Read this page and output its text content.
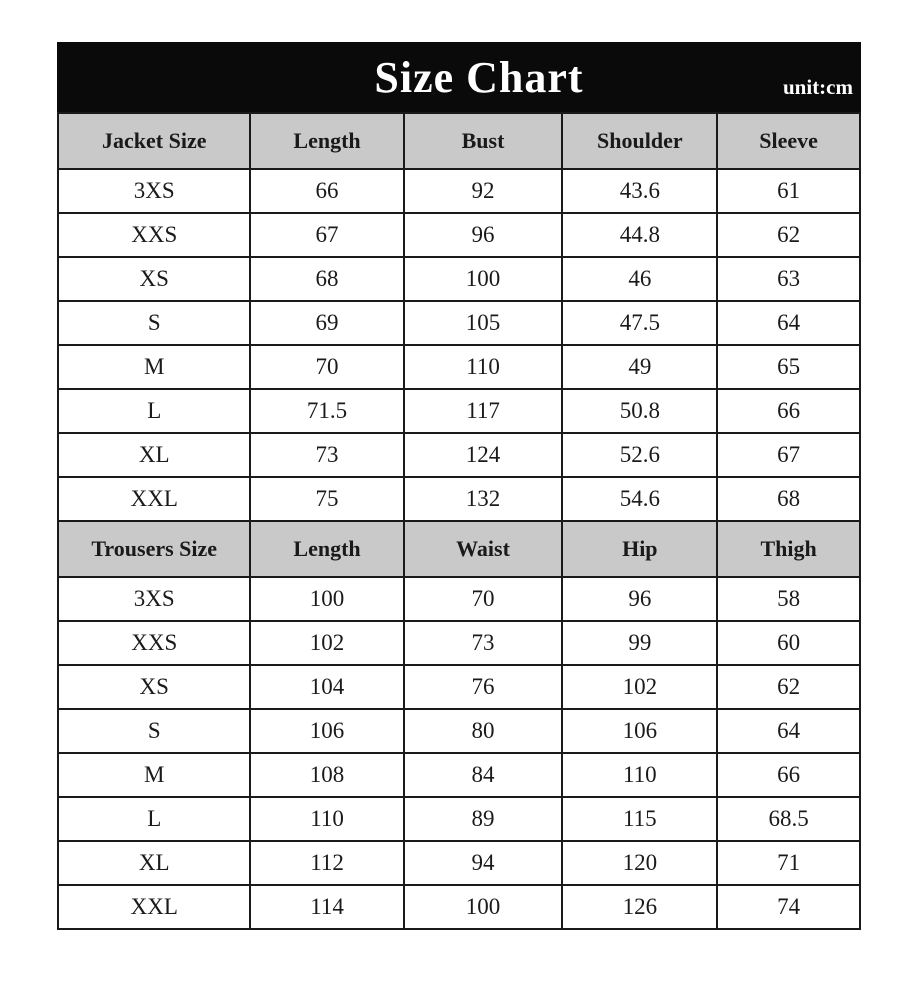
Size Chart	unit:cm
Jacket Size	Length	Bust	Shoulder	Sleeve
3XS	66	92	43.6	61
XXS	67	96	44.8	62
XS	68	100	46	63
S	69	105	47.5	64
M	70	110	49	65
L	71.5	117	50.8	66
XL	73	124	52.6	67
XXL	75	132	54.6	68
Trousers Size	Length	Waist	Hip	Thigh
3XS	100	70	96	58
XXS	102	73	99	60
XS	104	76	102	62
S	106	80	106	64
M	108	84	110	66
L	110	89	115	68.5
XL	112	94	120	71
XXL	114	100	126	74
